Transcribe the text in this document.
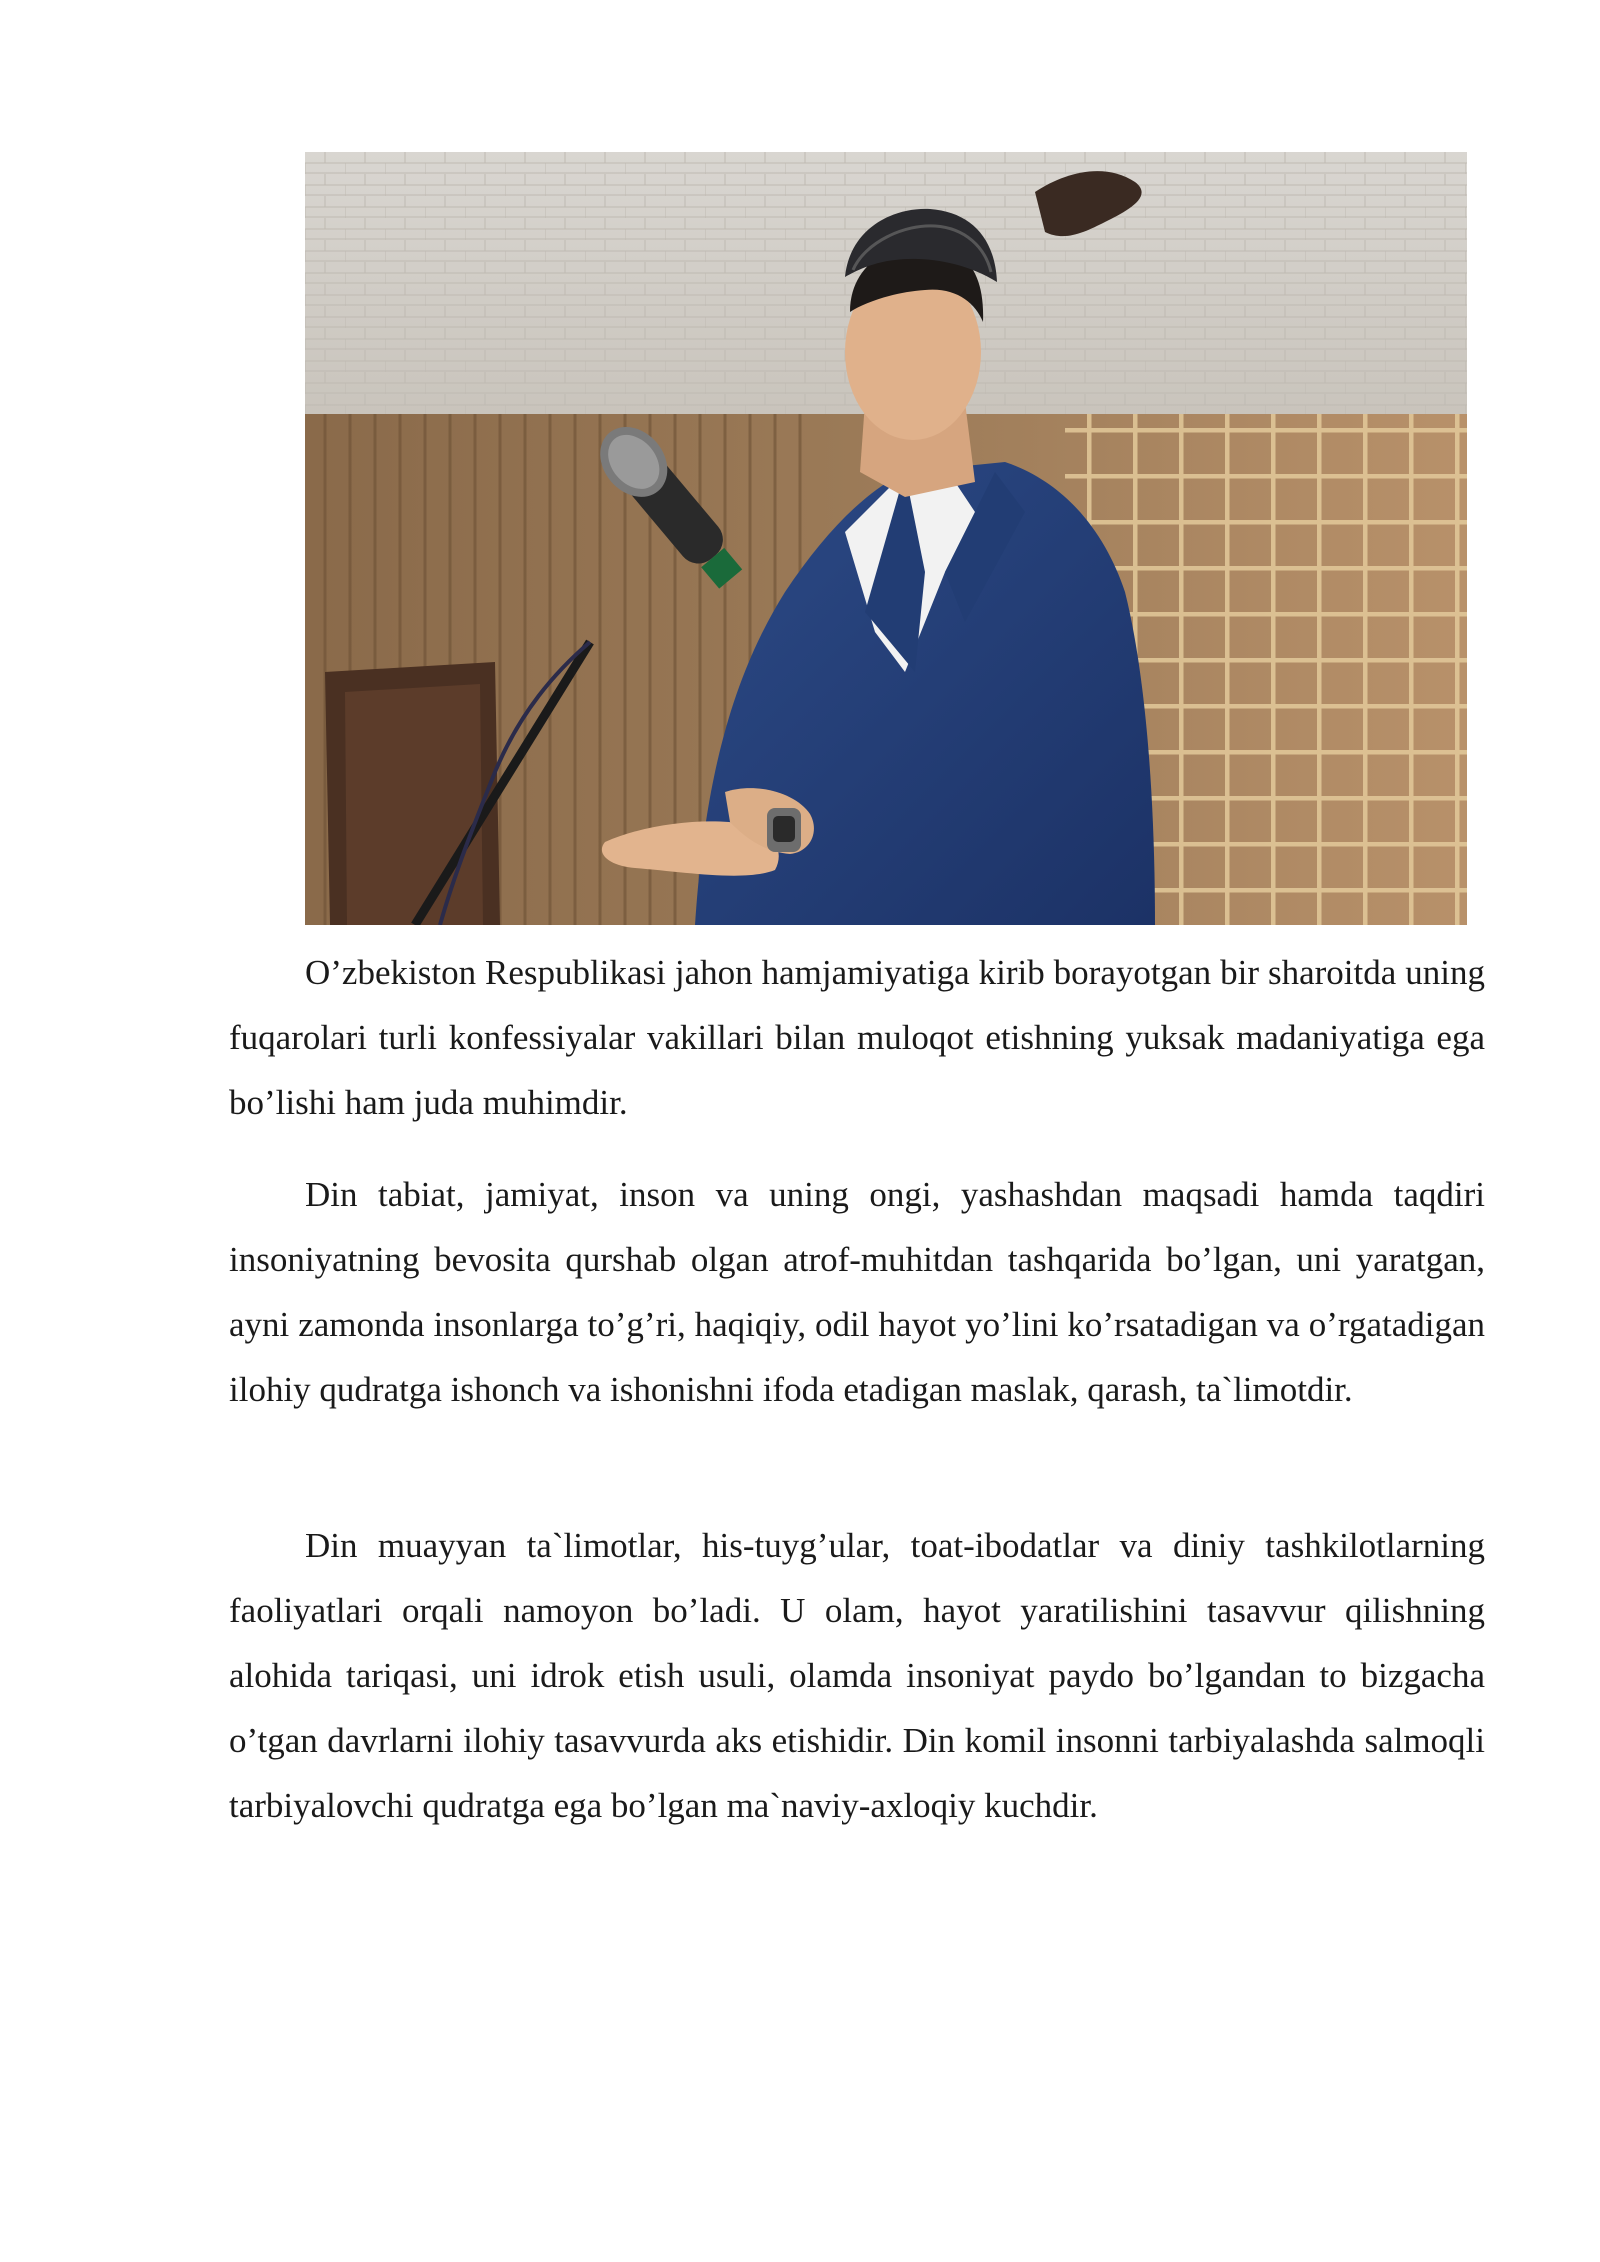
O’zbekiston Respublikasi jahon hamjamiyatiga kirib borayotgan bir sharoitda uning fuqarolari turli konfessiyalar vakillari bilan muloqot etishning yuksak madaniyatiga ega bo’lishi ham juda muhimdir.

Din tabiat, jamiyat, inson va uning ongi, yashashdan maqsadi hamda taqdiri insoniyatning bevosita qurshab olgan atrof-muhitdan tashqarida bo’lgan, uni yaratgan, ayni zamonda insonlarga to’g’ri, haqiqiy, odil hayot yo’lini ko’rsatadigan va o’rgatadigan ilohiy qudratga ishonch va ishonishni ifoda etadigan maslak, qarash, ta`limotdir.

Din muayyan ta`limotlar, his-tuyg’ular, toat-ibodatlar va diniy tashkilotlarning faoliyatlari orqali namoyon bo’ladi. U olam, hayot yaratilishini tasavvur qilishning alohida tariqasi, uni idrok etish usuli, olamda insoniyat paydo bo’lgandan to bizgacha o’tgan davrlarni ilohiy tasavvurda aks etishidir. Din komil insonni tarbiyalashda salmoqli tarbiyalovchi qudratga ega bo’lgan ma`naviy-axloqiy kuchdir.
